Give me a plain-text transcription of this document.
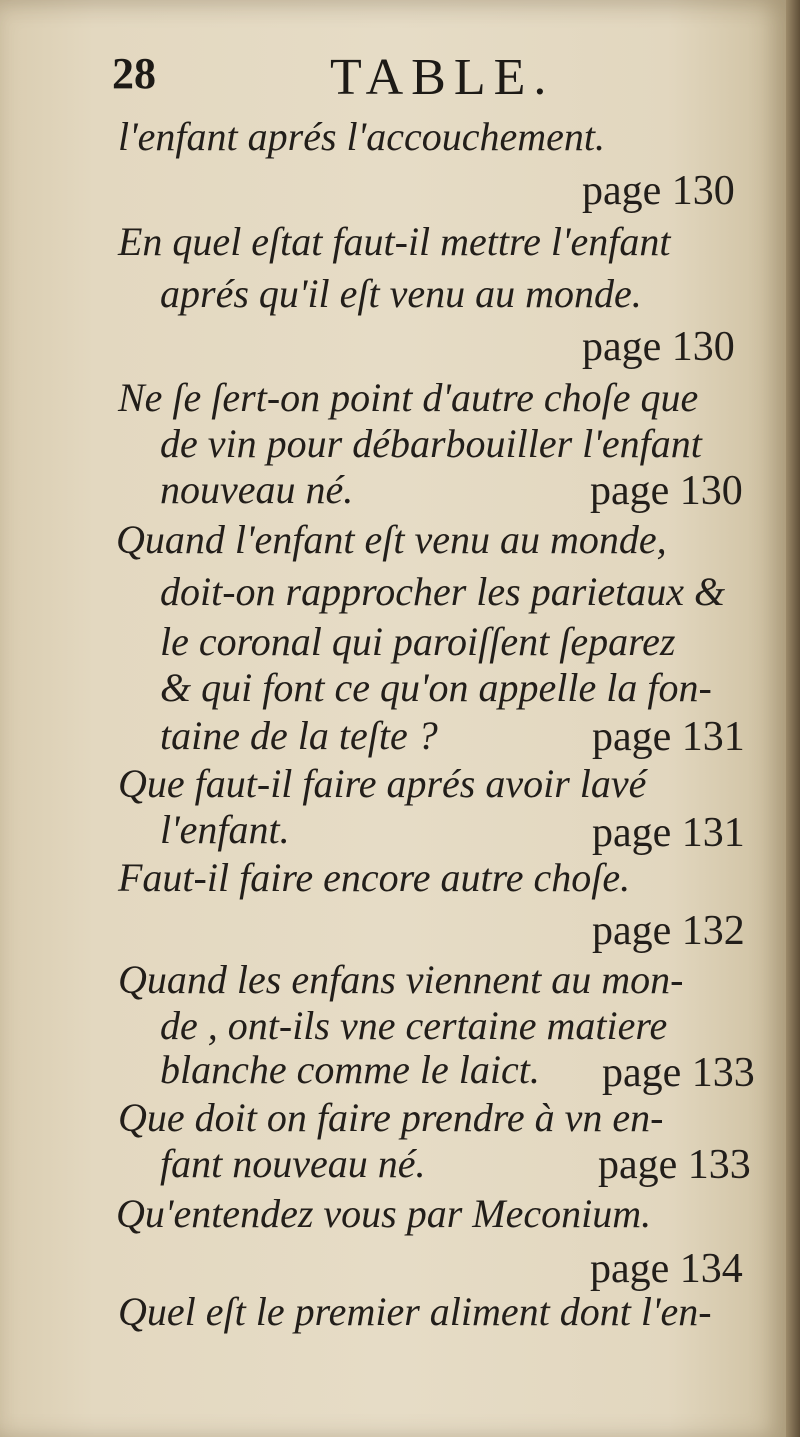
28	TABLE.
l'enfant aprés l'accouchement.
page 130
En quel eſtat faut-il mettre l'enfant
aprés qu'il eſt venu au monde.
page 130
Ne ſe ſert-on point d'autre choſe que
de vin pour débarbouiller l'enfant
nouveau né.	page 130
Quand l'enfant eſt venu au monde,
doit-on rapprocher les parietaux &
le coronal qui paroiſſent ſeparez
& qui font ce qu'on appelle la fon-
taine de la teſte ?	page 131
Que faut-il faire aprés avoir lavé
l'enfant.	page 131
Faut-il faire encore autre choſe.
page 132
Quand les enfans viennent au mon-
de , ont-ils vne certaine matiere
blanche comme le laict. page 133
Que doit on faire prendre à vn en-
fant nouveau né.	page 133
Qu'entendez vous par Meconium.
page 134
Quel eſt le premier aliment dont l'en-
